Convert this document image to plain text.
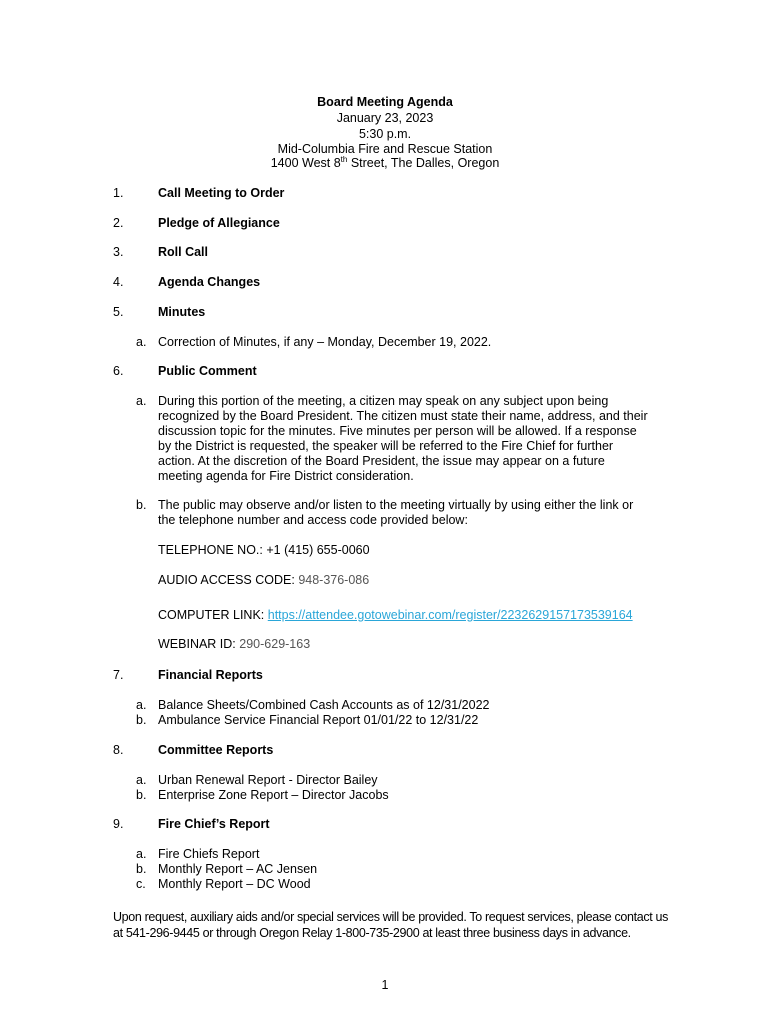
Board Meeting Agenda
January 23, 2023
5:30 p.m.
Mid-Columbia Fire and Rescue Station
1400 West 8th Street, The Dalles, Oregon
1.	Call Meeting to Order
2.	Pledge of Allegiance
3.	Roll Call
4.	Agenda Changes
5.	Minutes
a. Correction of Minutes, if any – Monday, December 19, 2022.
6.	Public Comment
a. During this portion of the meeting, a citizen may speak on any subject upon being
recognized by the Board President. The citizen must state their name, address, and their
discussion topic for the minutes. Five minutes per person will be allowed. If a response
by the District is requested, the speaker will be referred to the Fire Chief for further
action. At the discretion of the Board President, the issue may appear on a future
meeting agenda for Fire District consideration.
b. The public may observe and/or listen to the meeting virtually by using either the link or
the telephone number and access code provided below:
TELEPHONE NO.: +1 (415) 655-0060
AUDIO ACCESS CODE: 948-376-086
COMPUTER LINK: https://attendee.gotowebinar.com/register/2232629157173539164
WEBINAR ID: 290-629-163
7.	Financial Reports
a. Balance Sheets/Combined Cash Accounts as of 12/31/2022
b. Ambulance Service Financial Report 01/01/22 to 12/31/22
8.	Committee Reports
a. Urban Renewal Report - Director Bailey
b. Enterprise Zone Report – Director Jacobs
9.	Fire Chief’s Report
a. Fire Chiefs Report
b. Monthly Report – AC Jensen
c. Monthly Report – DC Wood
Upon request, auxiliary aids and/or special services will be provided. To request services, please contact us
at 541-296-9445 or through Oregon Relay 1-800-735-2900 at least three business days in advance.
1
